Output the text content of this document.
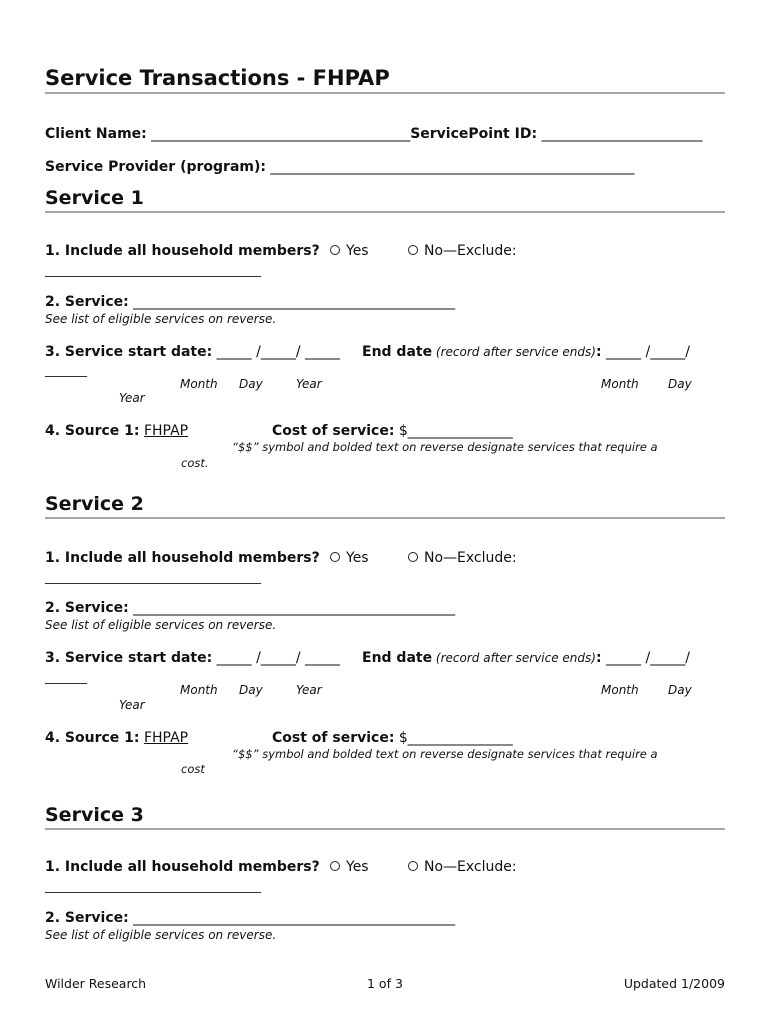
Service Transactions - FHPAP
Client Name: _____________________________________ServicePoint ID: _______________________
Service Provider (program): ____________________________________________________
Service 1
1. Include all household members?	Yes	No—Exclude:
____________________________________
2. Service: ______________________________________________
See list of eligible services on reverse.
3. Service start date: _____ /_____/ _____ End date (record after service ends): _____ /_____/
_______
Month Day	Year	Month Day
Year
4. Source 1: FHPAP	Cost of service: $_______________
“$$” symbol and bolded text on reverse designate services that require a
cost.
Service 2
1. Include all household members?	Yes	No—Exclude:
____________________________________
2. Service: ______________________________________________
See list of eligible services on reverse.
3. Service start date: _____ /_____/ _____ End date (record after service ends): _____ /_____/
_______
Month Day	Year	Month Day
Year
4. Source 1: FHPAP	Cost of service: $_______________
“$$” symbol and bolded text on reverse designate services that require a
cost
Service 3
1. Include all household members?	Yes	No—Exclude:
____________________________________
2. Service: ______________________________________________
See list of eligible services on reverse.
Wilder Research	1 of 3	Updated 1/2009
